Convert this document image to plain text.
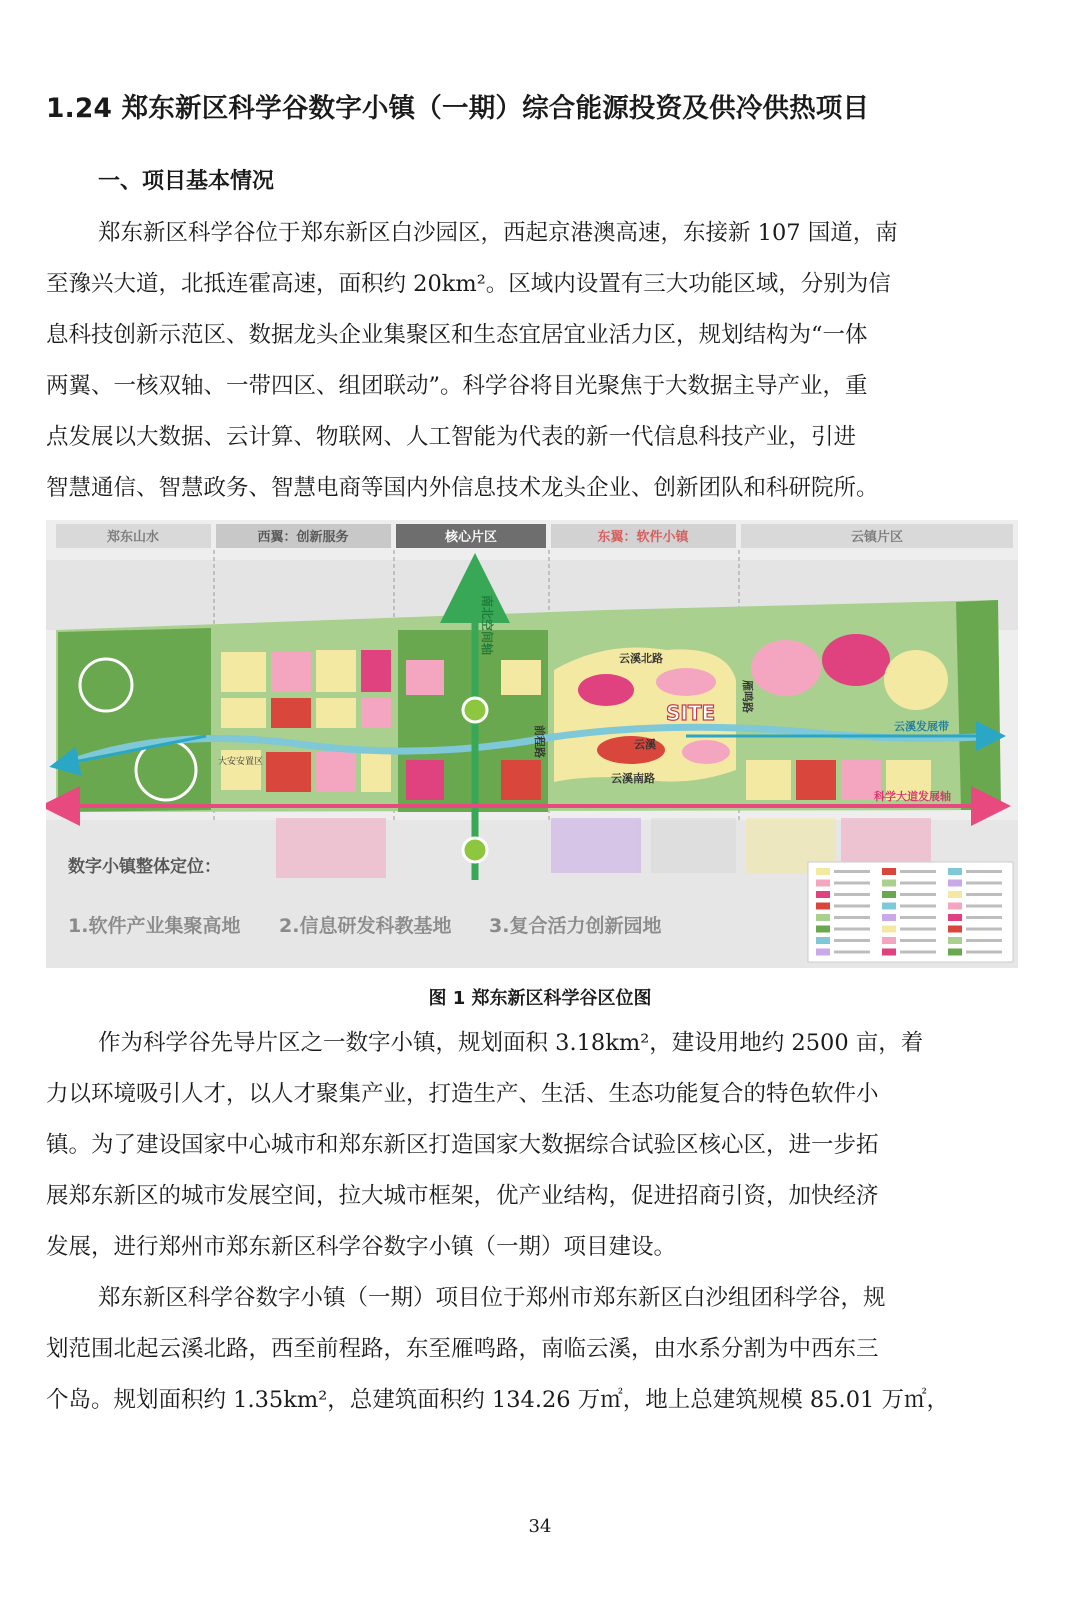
1.24 郑东新区科学谷数字小镇（一期）综合能源投资及供冷供热项目
一、项目基本情况
郑东新区科学谷位于郑东新区白沙园区，西起京港澳高速，东接新 107 国道，南
至豫兴大道，北抵连霍高速，面积约 20km²。区域内设置有三大功能区域，分别为信
息科技创新示范区、数据龙头企业集聚区和生态宜居宜业活力区，规划结构为“一体
两翼、一核双轴、一带四区、组团联动”。科学谷将目光聚焦于大数据主导产业，重
点发展以大数据、云计算、物联网、人工智能为代表的新一代信息科技产业，引进
智慧通信、智慧政务、智慧电商等国内外信息技术龙头企业、创新团队和科研院所。
郑东山水	西翼：创新服务	核心片区	东翼：软件小镇	云镇片区
南北空间轴
云溪北路
SITE 雁鸣路
前程路	云溪
云溪南路
云溪发展带
科学大道发展轴
大安安置区
数字小镇整体定位：
1.软件产业集聚高地 2.信息研发科教基地 3.复合活力创新园地

图 1 郑东新区科学谷区位图

作为科学谷先导片区之一数字小镇，规划面积 3.18km²，建设用地约 2500 亩，着
力以环境吸引人才，以人才聚集产业，打造生产、生活、生态功能复合的特色软件小
镇。为了建设国家中心城市和郑东新区打造国家大数据综合试验区核心区，进一步拓
展郑东新区的城市发展空间，拉大城市框架，优产业结构，促进招商引资，加快经济
发展，进行郑州市郑东新区科学谷数字小镇（一期）项目建设。
郑东新区科学谷数字小镇（一期）项目位于郑州市郑东新区白沙组团科学谷，规
划范围北起云溪北路，西至前程路，东至雁鸣路，南临云溪，由水系分割为中西东三
个岛。规划面积约 1.35km²，总建筑面积约 134.26 万㎡，地上总建筑规模 85.01 万㎡，

34
